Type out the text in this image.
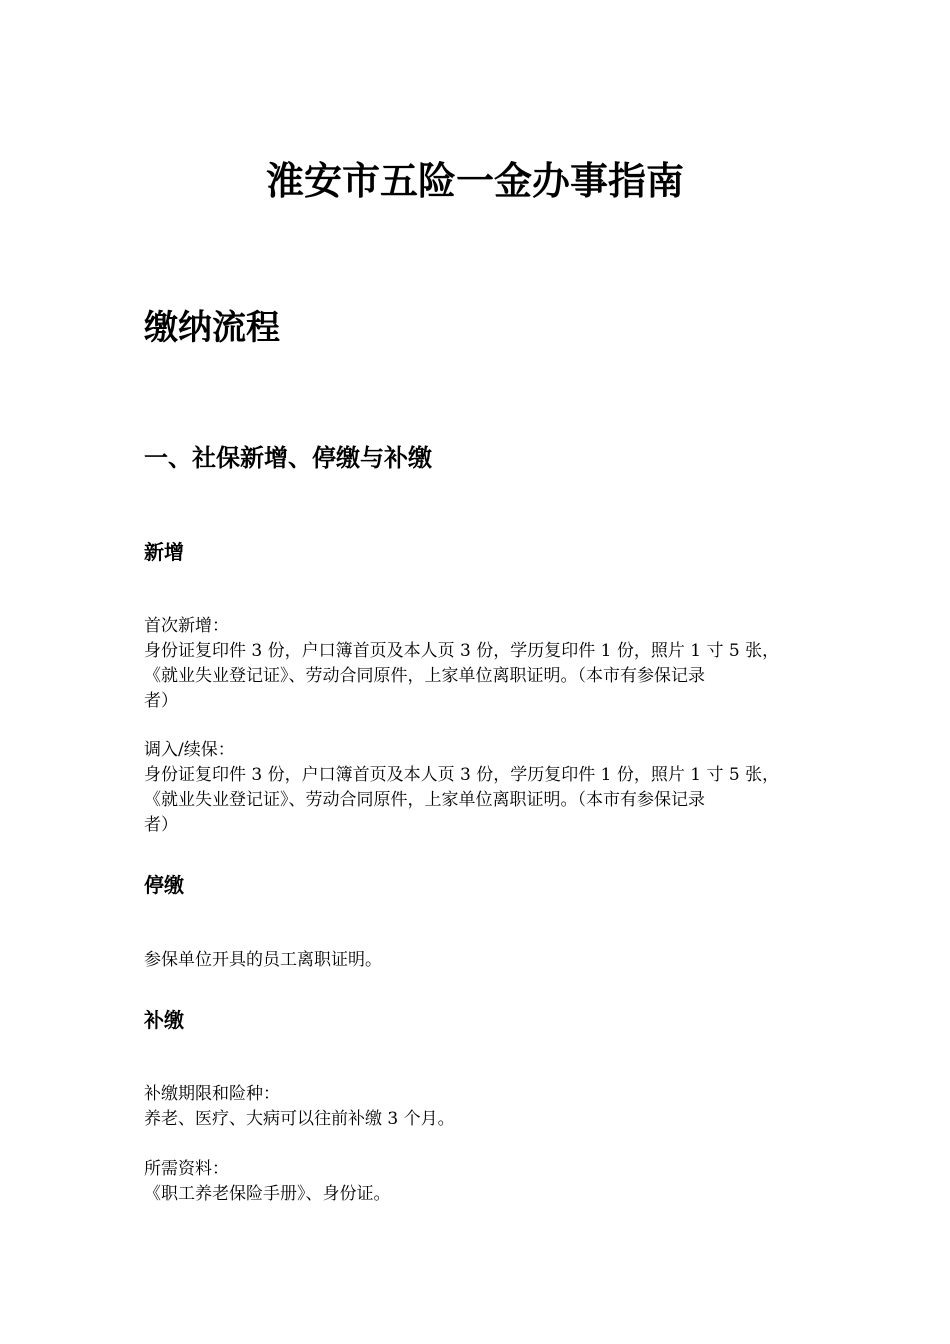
淮安市五险一金办事指南
缴纳流程
一、社保新增、停缴与补缴
新增
首次新增：
身份证复印件 3 份，户口簿首页及本人页 3 份，学历复印件 1 份，照片 1 寸 5 张，
《就业失业登记证》、劳动合同原件，上家单位离职证明。（本市有参保记录
者）
调入/续保：
身份证复印件 3 份，户口簿首页及本人页 3 份，学历复印件 1 份，照片 1 寸 5 张，
《就业失业登记证》、劳动合同原件，上家单位离职证明。（本市有参保记录
者）
停缴
参保单位开具的员工离职证明。
补缴
补缴期限和险种：
养老、医疗、大病可以往前补缴 3 个月。
所需资料：
《职工养老保险手册》、身份证。
